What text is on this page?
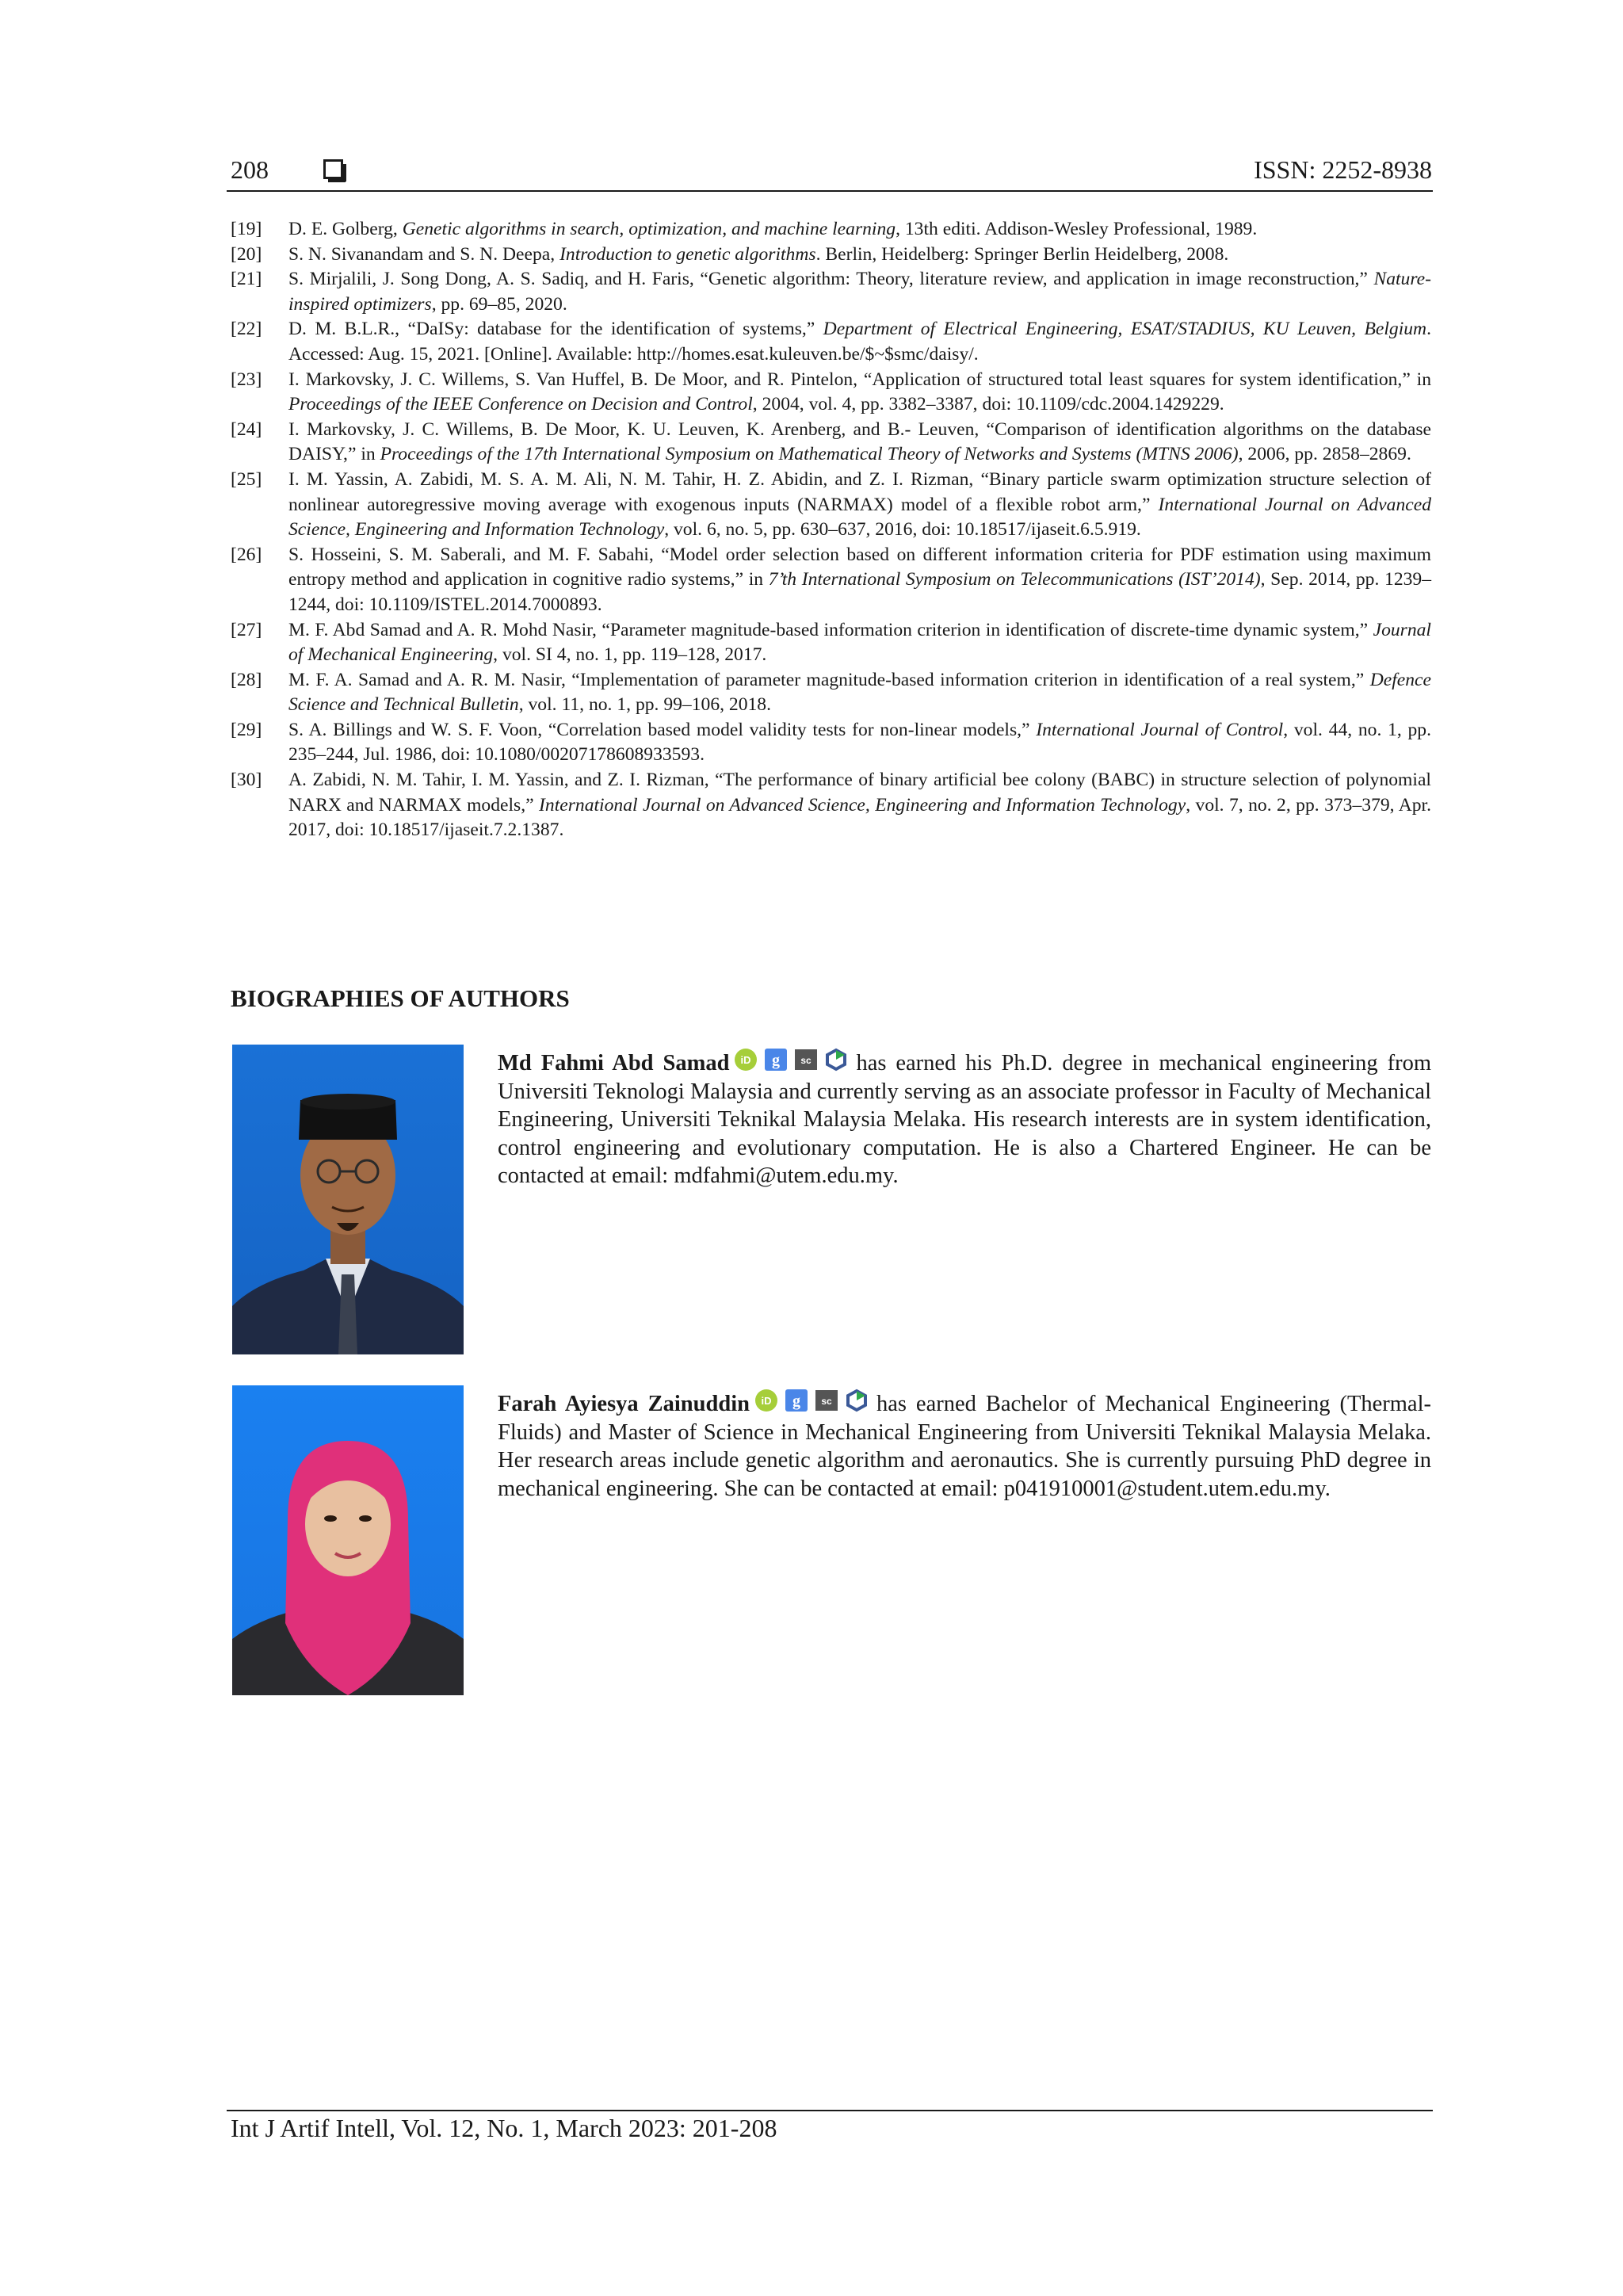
208	ISSN: 2252-8938
[19]	D. E. Golberg, Genetic algorithms in search, optimization, and machine learning, 13th editi. Addison-Wesley Professional, 1989.
[20]	S. N. Sivanandam and S. N. Deepa, Introduction to genetic algorithms. Berlin, Heidelberg: Springer Berlin Heidelberg, 2008.
[21]	S. Mirjalili, J. Song Dong, A. S. Sadiq, and H. Faris, “Genetic algorithm: Theory, literature review, and application in image reconstruction,” Nature-inspired optimizers, pp. 69–85, 2020.
[22]	D. M. B.L.R., “DaISy: database for the identification of systems,” Department of Electrical Engineering, ESAT/STADIUS, KU Leuven, Belgium. Accessed: Aug. 15, 2021. [Online]. Available: http://homes.esat.kuleuven.be/$~$smc/daisy/.
[23]	I. Markovsky, J. C. Willems, S. Van Huffel, B. De Moor, and R. Pintelon, “Application of structured total least squares for system identification,” in Proceedings of the IEEE Conference on Decision and Control, 2004, vol. 4, pp. 3382–3387, doi: 10.1109/cdc.2004.1429229.
[24]	I. Markovsky, J. C. Willems, B. De Moor, K. U. Leuven, K. Arenberg, and B.- Leuven, “Comparison of identification algorithms on the database DAISY,” in Proceedings of the 17th International Symposium on Mathematical Theory of Networks and Systems (MTNS 2006), 2006, pp. 2858–2869.
[25]	I. M. Yassin, A. Zabidi, M. S. A. M. Ali, N. M. Tahir, H. Z. Abidin, and Z. I. Rizman, “Binary particle swarm optimization structure selection of nonlinear autoregressive moving average with exogenous inputs (NARMAX) model of a flexible robot arm,” International Journal on Advanced Science, Engineering and Information Technology, vol. 6, no. 5, pp. 630–637, 2016, doi: 10.18517/ijaseit.6.5.919.
[26]	S. Hosseini, S. M. Saberali, and M. F. Sabahi, “Model order selection based on different information criteria for PDF estimation using maximum entropy method and application in cognitive radio systems,” in 7’th International Symposium on Telecommunications (IST’2014), Sep. 2014, pp. 1239–1244, doi: 10.1109/ISTEL.2014.7000893.
[27]	M. F. Abd Samad and A. R. Mohd Nasir, “Parameter magnitude-based information criterion in identification of discrete-time dynamic system,” Journal of Mechanical Engineering, vol. SI 4, no. 1, pp. 119–128, 2017.
[28]	M. F. A. Samad and A. R. M. Nasir, “Implementation of parameter magnitude-based information criterion in identification of a real system,” Defence Science and Technical Bulletin, vol. 11, no. 1, pp. 99–106, 2018.
[29]	S. A. Billings and W. S. F. Voon, “Correlation based model validity tests for non-linear models,” International Journal of Control, vol. 44, no. 1, pp. 235–244, Jul. 1986, doi: 10.1080/00207178608933593.
[30]	A. Zabidi, N. M. Tahir, I. M. Yassin, and Z. I. Rizman, “The performance of binary artificial bee colony (BABC) in structure selection of polynomial NARX and NARMAX models,” International Journal on Advanced Science, Engineering and Information Technology, vol. 7, no. 2, pp. 373–379, Apr. 2017, doi: 10.18517/ijaseit.7.2.1387.
BIOGRAPHIES OF AUTHORS
Md Fahmi Abd Samad iD g sc has earned his Ph.D. degree in mechanical engineering from Universiti Teknologi Malaysia and currently serving as an associate professor in Faculty of Mechanical Engineering, Universiti Teknikal Malaysia Melaka. His research interests are in system identification, control engineering and evolutionary computation. He is also a Chartered Engineer. He can be contacted at email: mdfahmi@utem.edu.my.
Farah Ayiesya Zainuddin iD g sc has earned Bachelor of Mechanical Engineering (Thermal-Fluids) and Master of Science in Mechanical Engineering from Universiti Teknikal Malaysia Melaka. Her research areas include genetic algorithm and aeronautics. She is currently pursuing PhD degree in mechanical engineering. She can be contacted at email: p041910001@student.utem.edu.my.
Int J Artif Intell, Vol. 12, No. 1, March 2023: 201-208
